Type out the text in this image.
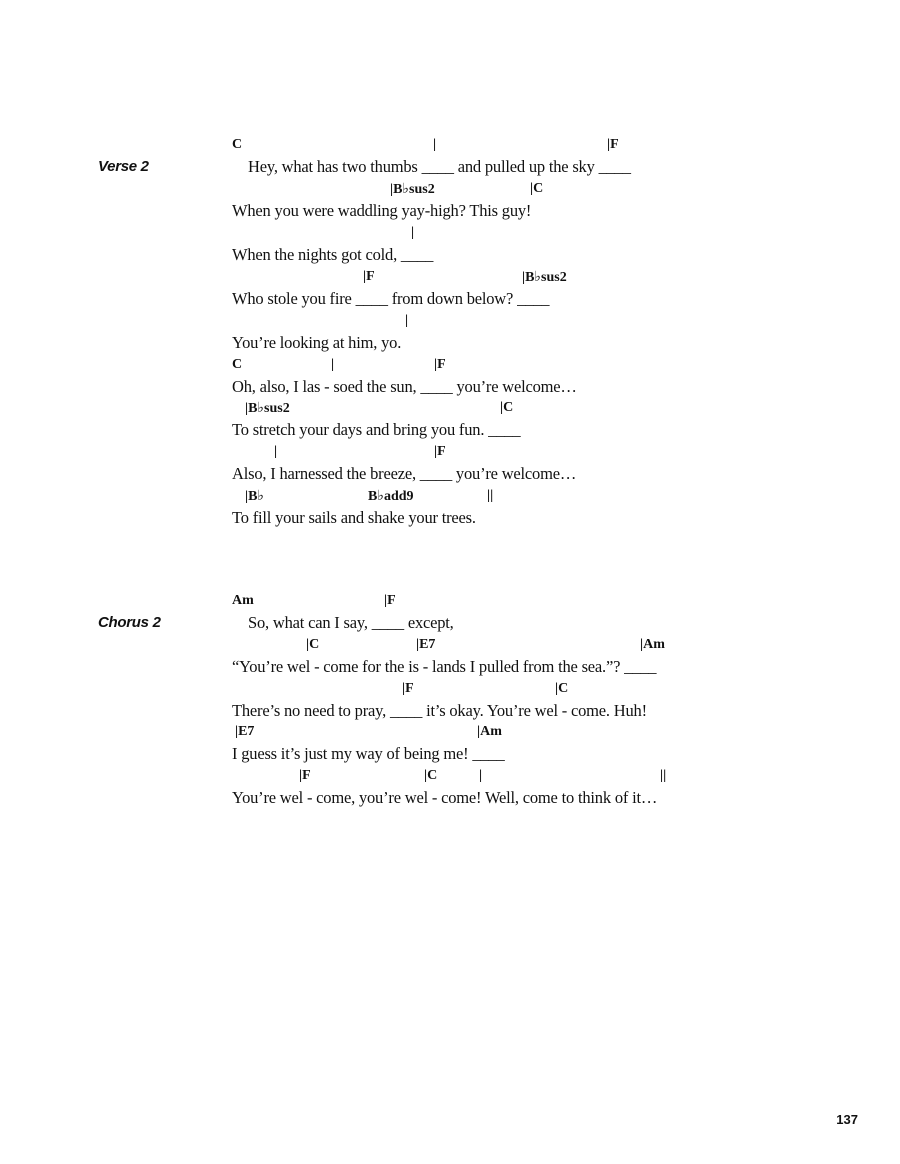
Verse 2
C	|	|F
Hey, what has two thumbs ____ and pulled up the sky ____
|B♭sus2	|C
When you were waddling yay-high? This guy!
|
When the nights got cold, ____
|F	|B♭sus2
Who stole you fire ____ from down below? ____
|
You’re looking at him, yo.
C	|	|F
Oh, also, I las - soed the sun, ____ you’re welcome…
|B♭sus2	|C
To stretch your days and bring you fun. ____
|	|F
Also, I harnessed the breeze, ____ you’re welcome…
|B♭	B♭add9	||
To fill your sails and shake your trees.
Chorus 2
Am	|F
So, what can I say, ____ except,
|C	|E7	|Am
“You’re wel - come for the is - lands I pulled from the sea.”? ____
|F	|C
There’s no need to pray, ____ it’s okay. You’re wel - come. Huh!
|E7	|Am
I guess it’s just my way of being me! ____
|F	|C	|	||
You’re wel - come, you’re wel - come! Well, come to think of it…
137
